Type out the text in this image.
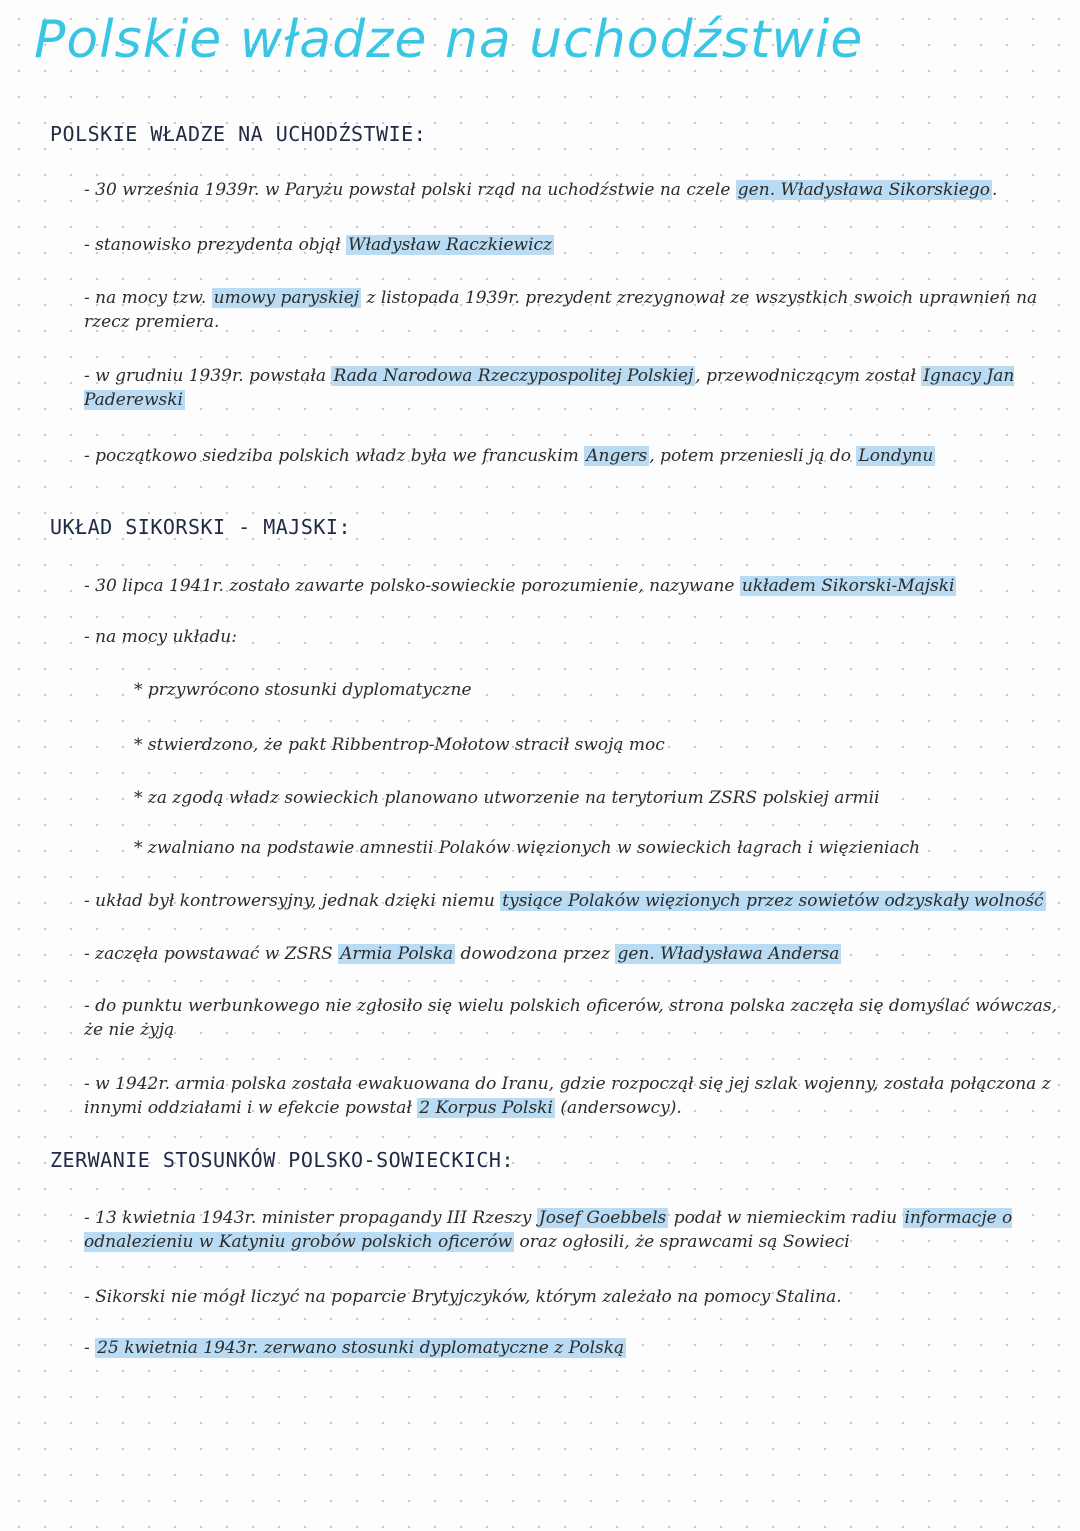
Polskie władze na uchodźstwie
POLSKIE WŁADZE NA UCHODŹSTWIE:
- 30 września 1939r. w Paryżu powstał polski rząd na uchodźstwie na czele gen. Władysława Sikorskiego .
- stanowisko prezydenta objął Władysław Raczkiewicz
- na mocy tzw. umowy paryskiej z listopada 1939r. prezydent zrezygnował ze wszystkich swoich uprawnień na rzecz premiera.
- w grudniu 1939r. powstała Rada Narodowa Rzeczypospolitej Polskiej , przewodniczącym został Ignacy Jan Paderewski
- początkowo siedziba polskich władz była we francuskim Angers , potem przeniesli ją do Londynu
UKŁAD SIKORSKI - MAJSKI:
- 30 lipca 1941r. zostało zawarte polsko-sowieckie porozumienie, nazywane układem Sikorski-Majski
- na mocy układu:
* przywrócono stosunki dyplomatyczne
* stwierdzono, że pakt Ribbentrop-Mołotow stracił swoją moc
* za zgodą władz sowieckich planowano utworzenie na terytorium ZSRS polskiej armii
* zwalniano na podstawie amnestii Polaków więzionych w sowieckich łagrach i więzieniach
- układ był kontrowersyjny, jednak dzięki niemu tysiące Polaków więzionych przez sowietów odzyskały wolność
- zaczęła powstawać w ZSRS Armia Polska dowodzona przez gen. Władysława Andersa
- do punktu werbunkowego nie zgłosiło się wielu polskich oficerów, strona polska zaczęła się domyślać wówczas, że nie żyją
- w 1942r. armia polska została ewakuowana do Iranu, gdzie rozpoczął się jej szlak wojenny, została połączona z innymi oddziałami i w efekcie powstał 2 Korpus Polski (andersowcy).
ZERWANIE STOSUNKÓW POLSKO-SOWIECKICH:
- 13 kwietnia 1943r. minister propagandy III Rzeszy Josef Goebbels podał w niemieckim radiu informacje o odnalezieniu w Katyniu grobów polskich oficerów oraz ogłosili, że sprawcami są Sowieci
- Sikorski nie mógł liczyć na poparcie Brytyjczyków, którym zależało na pomocy Stalina.
- 25 kwietnia 1943r. zerwano stosunki dyplomatyczne z Polską
